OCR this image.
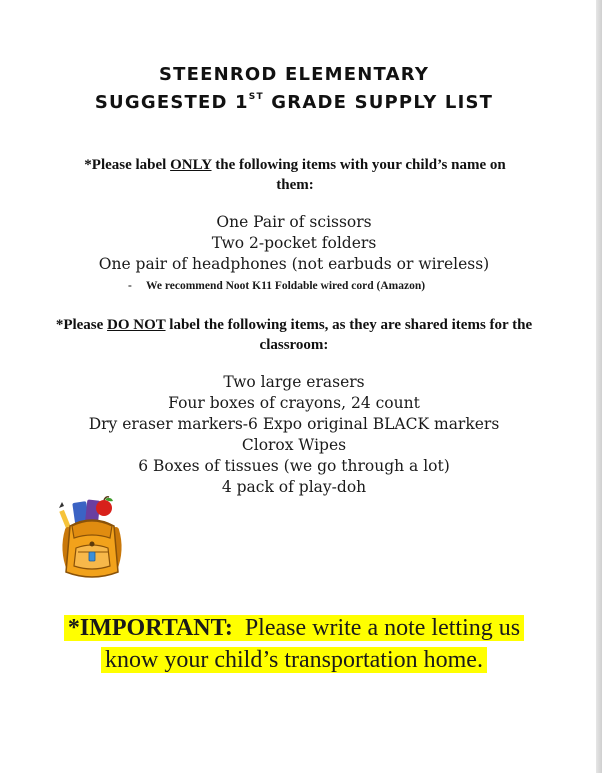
STEENROD ELEMENTARY
SUGGESTED 1ST GRADE SUPPLY LIST
*Please label ONLY the following items with your child’s name on them:
One Pair of scissors
Two 2-pocket folders
One pair of headphones (not earbuds or wireless)
- We recommend Noot K11 Foldable wired cord (Amazon)
*Please DO NOT label the following items, as they are shared items for the classroom:
Two large erasers
Four boxes of crayons, 24 count
Dry eraser markers-6 Expo original BLACK markers
Clorox Wipes
6 Boxes of tissues (we go through a lot)
4 pack of play-doh
*IMPORTANT: Please write a note letting us
know your child’s transportation home.
